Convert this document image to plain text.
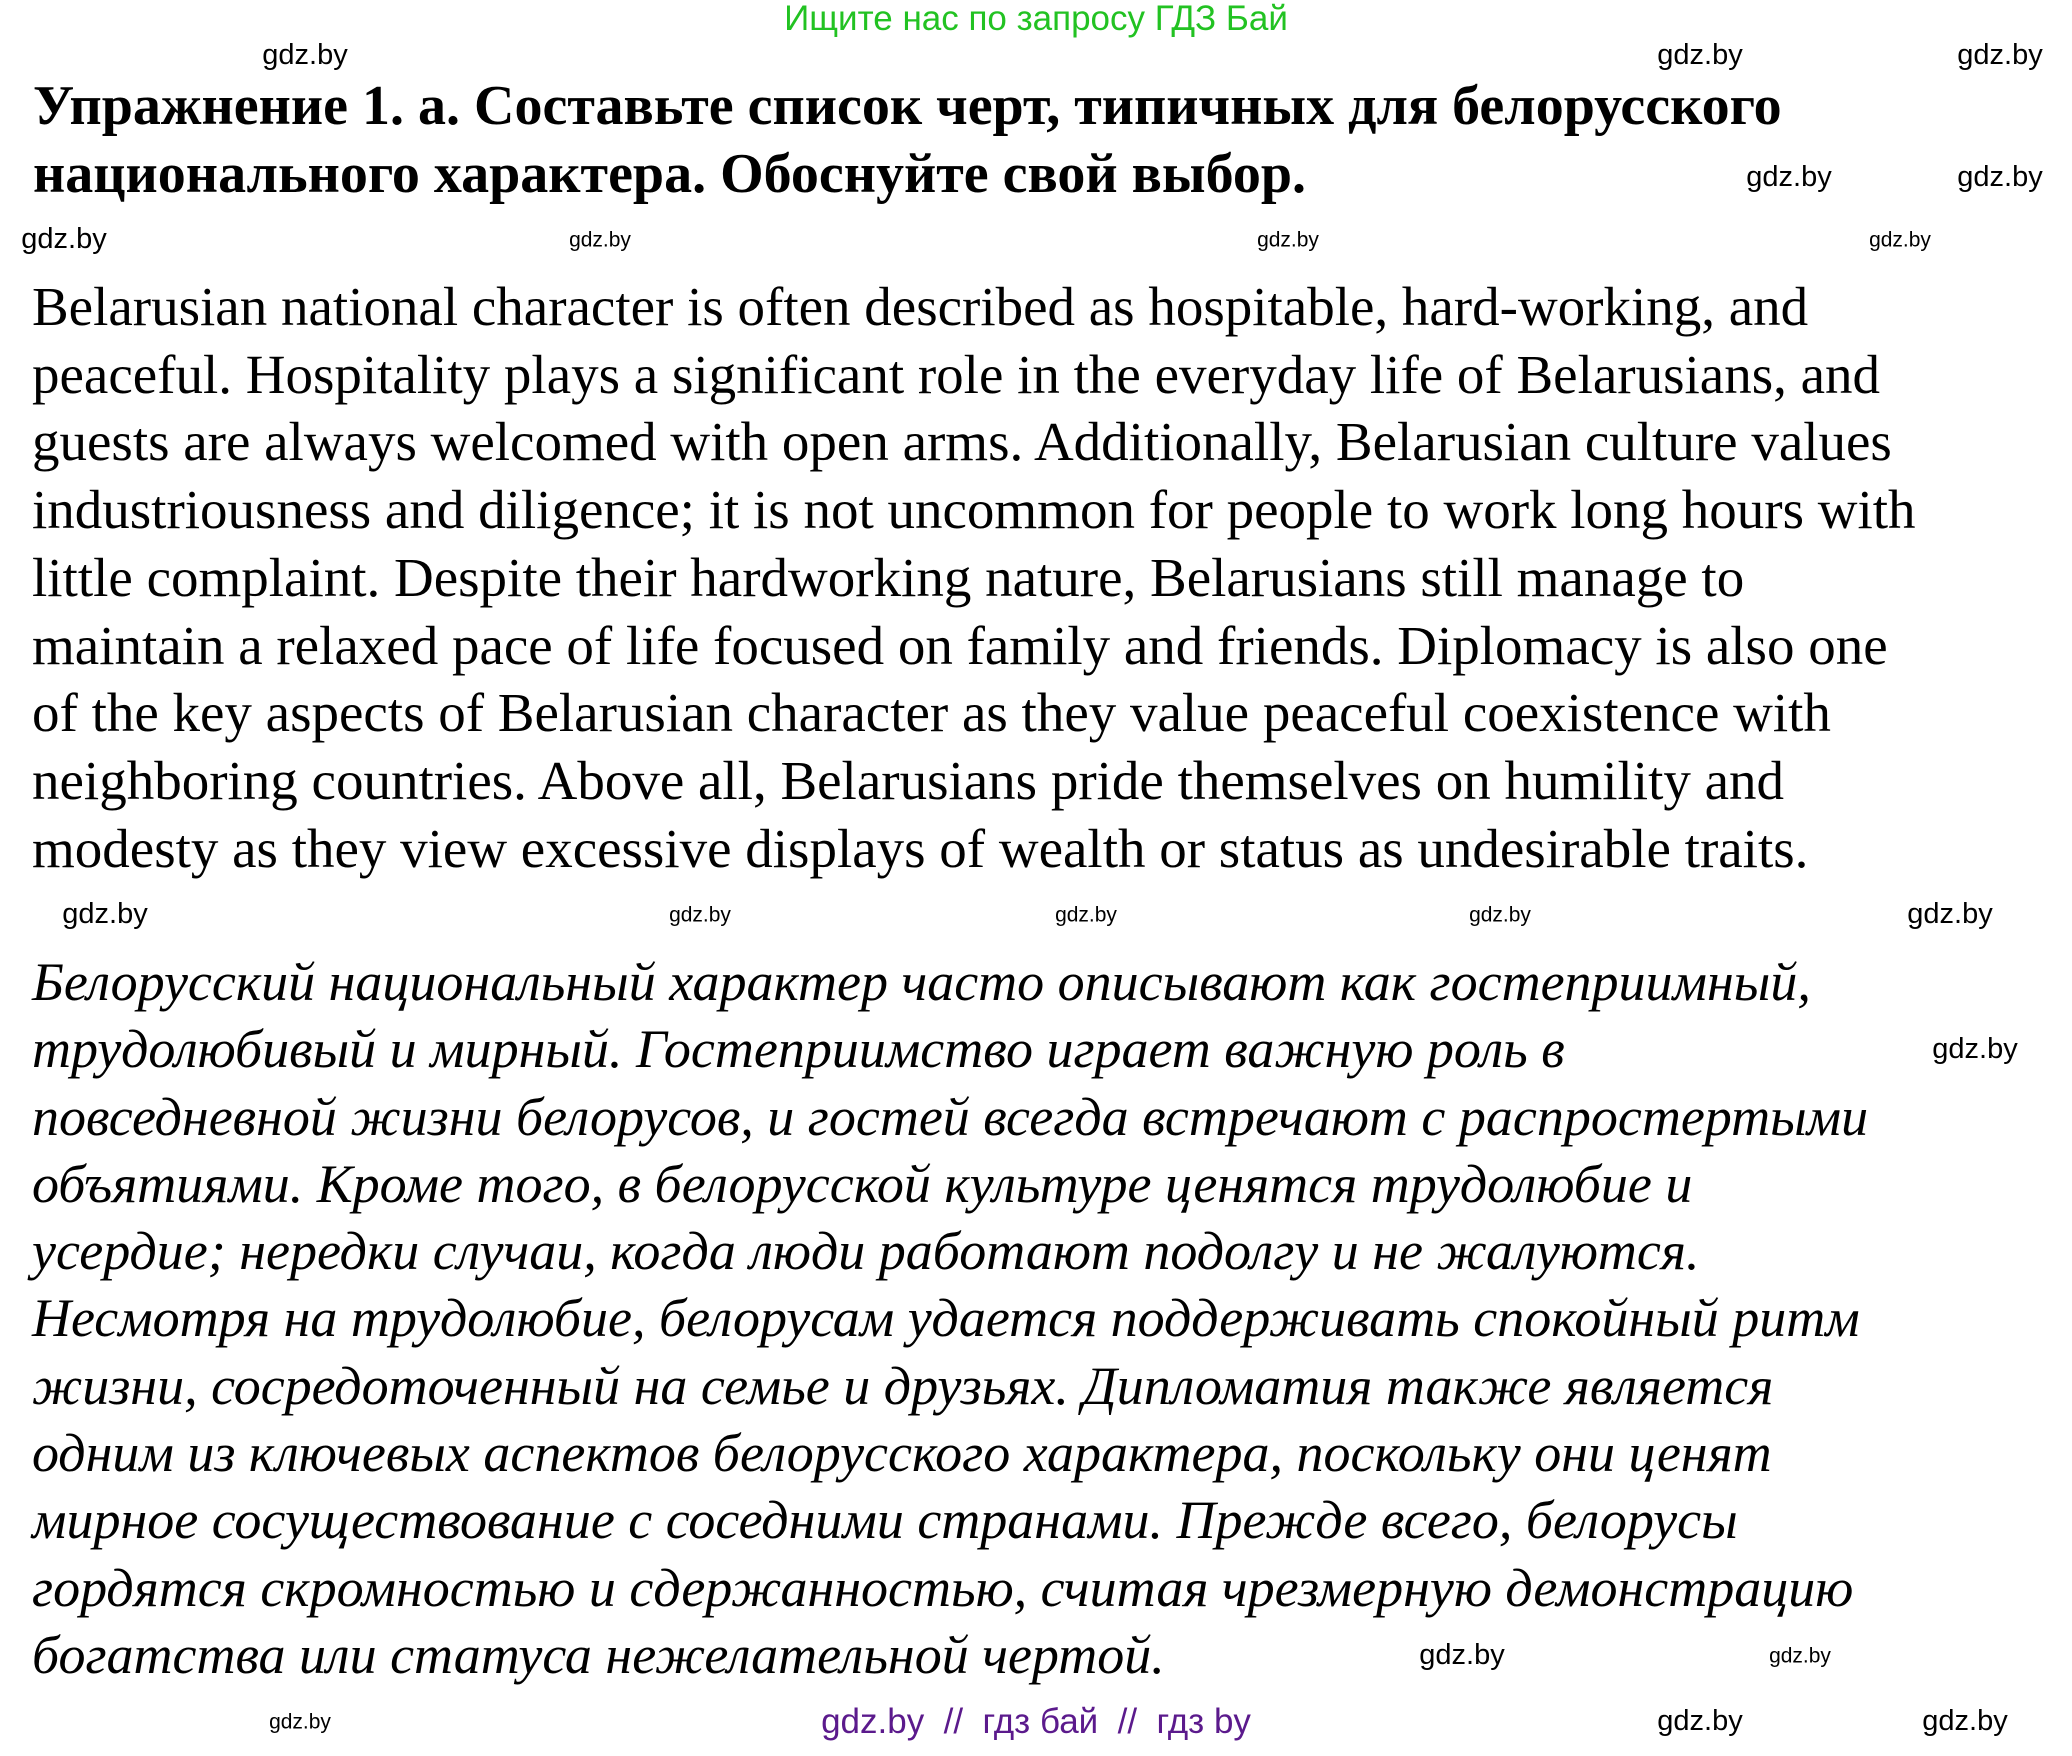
Ищите нас по запросу ГДЗ Бай
Упражнение 1. а. Составьте список черт, типичных для белорусского
национального характера. Обоснуйте свой выбор.
Belarusian national character is often described as hospitable, hard-working, and
peaceful. Hospitality plays a significant role in the everyday life of Belarusians, and
guests are always welcomed with open arms. Additionally, Belarusian culture values
industriousness and diligence; it is not uncommon for people to work long hours with
little complaint. Despite their hardworking nature, Belarusians still manage to
maintain a relaxed pace of life focused on family and friends. Diplomacy is also one
of the key aspects of Belarusian character as they value peaceful coexistence with
neighboring countries. Above all, Belarusians pride themselves on humility and
modesty as they view excessive displays of wealth or status as undesirable traits.
Белорусский национальный характер часто описывают как гостеприимный,
трудолюбивый и мирный. Гостеприимство играет важную роль в
повседневной жизни белорусов, и гостей всегда встречают с распростертыми
объятиями. Кроме того, в белорусской культуре ценятся трудолюбие и
усердие; нередки случаи, когда люди работают подолгу и не жалуются.
Несмотря на трудолюбие, белорусам удается поддерживать спокойный ритм
жизни, сосредоточенный на семье и друзьях. Дипломатия также является
одним из ключевых аспектов белорусского характера, поскольку они ценят
мирное сосуществование с соседними странами. Прежде всего, белорусы
гордятся скромностью и сдержанностью, считая чрезмерную демонстрацию
богатства или статуса нежелательной чертой.
gdz.by	gdz.by	gdz.by
gdz.by	gdz.by
gdz.by	gdz.by	gdz.by	gdz.by
gdz.by	gdz.by	gdz.by	gdz.by	gdz.by
gdz.by
gdz.by	gdz.by
gdz.by	gdz.by	gdz.by
gdz.by  //  гдз бай  //  гдз by
